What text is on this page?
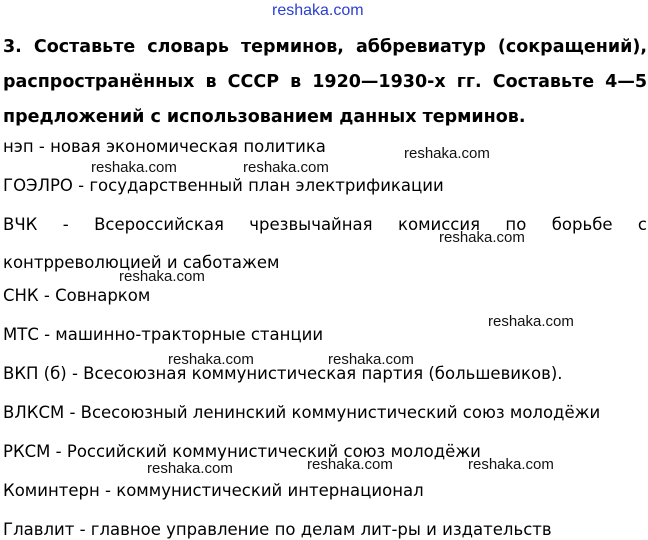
reshaka.com
3. Составьте словарь терминов, аббревиатур (сокращений), распространённых в СССР в 1920—1930-х гг. Составьте 4—5 предложений с использованием данных терминов.
нэп - новая экономическая политика
ГОЭЛРО - государственный план электрификации
ВЧК - Всероссийская чрезвычайная комиссия по борьбе с контрреволюцией и саботажем
СНК - Совнарком
МТС - машинно-тракторные станции
ВКП (б) - Всесоюзная коммунистическая партия (большевиков).
ВЛКСМ - Всесоюзный ленинский коммунистический союз молодёжи
РКСМ - Российский коммунистический союз молодёжи
Коминтерн - коммунистический интернационал
Главлит - главное управление по делам лит-ры и издательств
reshaka.com	reshaka.com
reshaka.com
reshaka.com
reshaka.com
reshaka.com
reshaka.com	reshaka.com
reshaka.com	reshaka.com	reshaka.com
